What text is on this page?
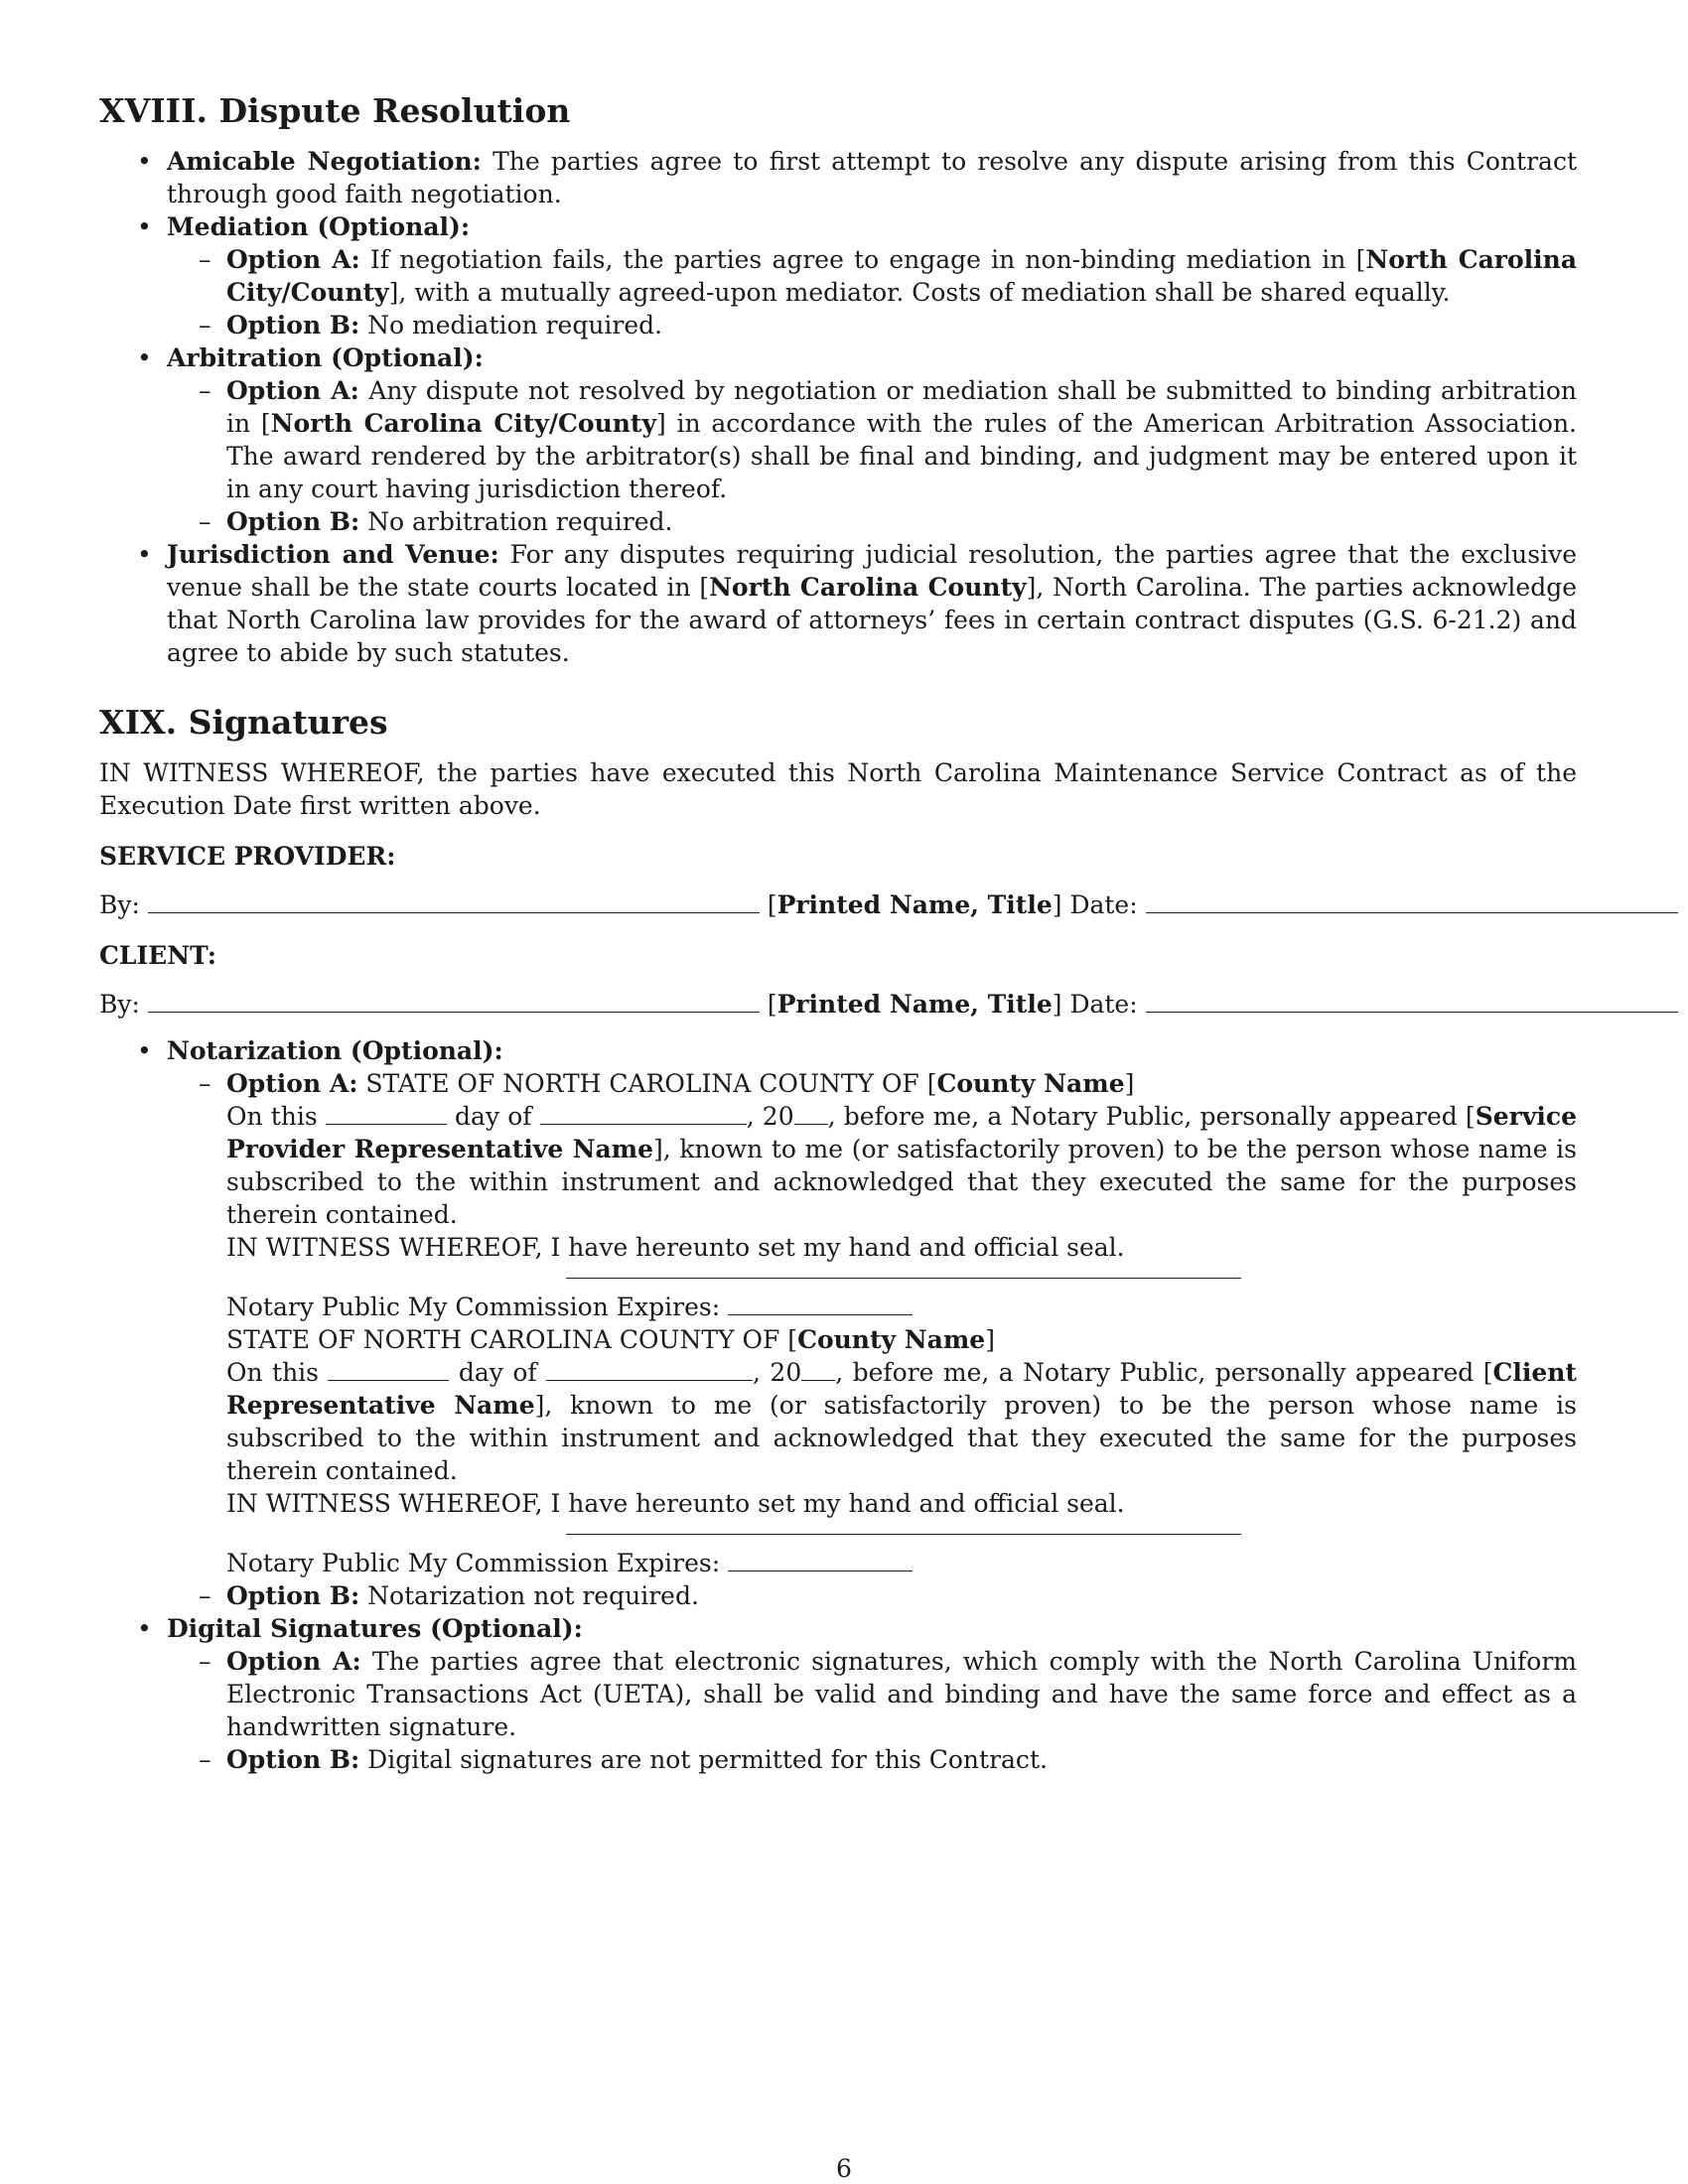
XVIII. Dispute Resolution
• Amicable Negotiation: The parties agree to first attempt to resolve any dispute arising from this Contract through good faith negotiation.
• Mediation (Optional):
– Option A: If negotiation fails, the parties agree to engage in non-binding mediation in [North Carolina City/County], with a mutually agreed-upon mediator. Costs of mediation shall be shared equally.
– Option B: No mediation required.
• Arbitration (Optional):
– Option A: Any dispute not resolved by negotiation or mediation shall be submitted to binding arbitration in [North Carolina City/County] in accordance with the rules of the American Arbitration Association. The award rendered by the arbitrator(s) shall be final and binding, and judgment may be entered upon it in any court having jurisdiction thereof.
– Option B: No arbitration required.
• Jurisdiction and Venue: For any disputes requiring judicial resolution, the parties agree that the exclusive venue shall be the state courts located in [North Carolina County], North Carolina. The parties acknowledge that North Carolina law provides for the award of attorneys’ fees in certain contract disputes (G.S. 6-21.2) and agree to abide by such statutes.
XIX. Signatures

IN WITNESS WHEREOF, the parties have executed this North Carolina Maintenance Service Contract as of the Execution Date first written above.

SERVICE PROVIDER:

By:	[Printed Name, Title] Date:

CLIENT:

By:	[Printed Name, Title] Date:

• Notarization (Optional):
– Option A: STATE OF NORTH CAROLINA COUNTY OF [County Name]

On this	day of	, 20 , before me, a Notary Public, personally appeared [Service Provider Representative Name], known to me (or satisfactorily proven) to be the person whose name is subscribed to the within instrument and acknowledged that they executed the same for the purposes therein contained.

IN WITNESS WHEREOF, I have hereunto set my hand and official seal.

Notary Public My Commission Expires:

STATE OF NORTH CAROLINA COUNTY OF [County Name]

On this	day of	, 20 , before me, a Notary Public, personally appeared [Client Representative Name], known to me (or satisfactorily proven) to be the person whose name is subscribed to the within instrument and acknowledged that they executed the same for the purposes therein contained.

IN WITNESS WHEREOF, I have hereunto set my hand and official seal.

Notary Public My Commission Expires:

– Option B: Notarization not required.
• Digital Signatures (Optional):
– Option A: The parties agree that electronic signatures, which comply with the North Carolina Uniform Electronic Transactions Act (UETA), shall be valid and binding and have the same force and effect as a handwritten signature.
– Option B: Digital signatures are not permitted for this Contract.
6
